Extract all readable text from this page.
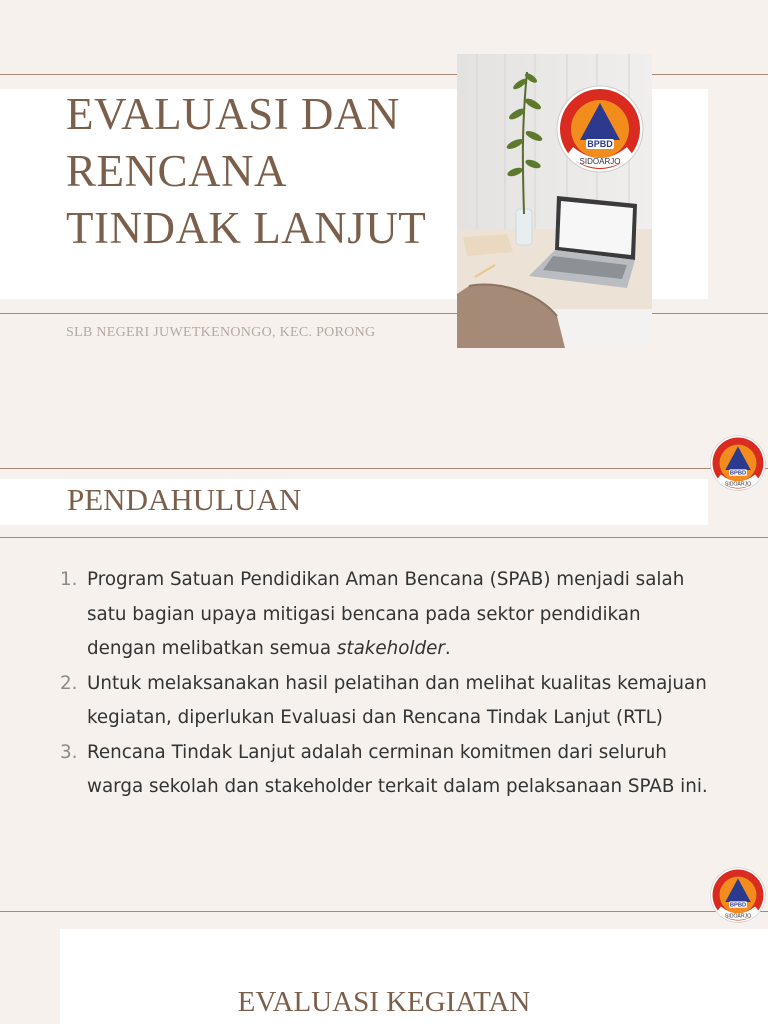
EVALUASI DAN RENCANA TINDAK LANJUT
SLB NEGERI JUWETKENONGO, KEC. PORONG
BPBD
SIDOARJO
PENDAHULUAN
BPBD
SIDOARJO
1. Program Satuan Pendidikan Aman Bencana (SPAB) menjadi salah satu bagian upaya mitigasi bencana pada sektor pendidikan dengan melibatkan semua stakeholder.
2. Untuk melaksanakan hasil pelatihan dan melihat kualitas kemajuan kegiatan, diperlukan Evaluasi dan Rencana Tindak Lanjut (RTL)
3. Rencana Tindak Lanjut adalah cerminan komitmen dari seluruh warga sekolah dan stakeholder terkait dalam pelaksanaan SPAB ini.
BPBD
SIDOARJO
EVALUASI KEGIATAN
